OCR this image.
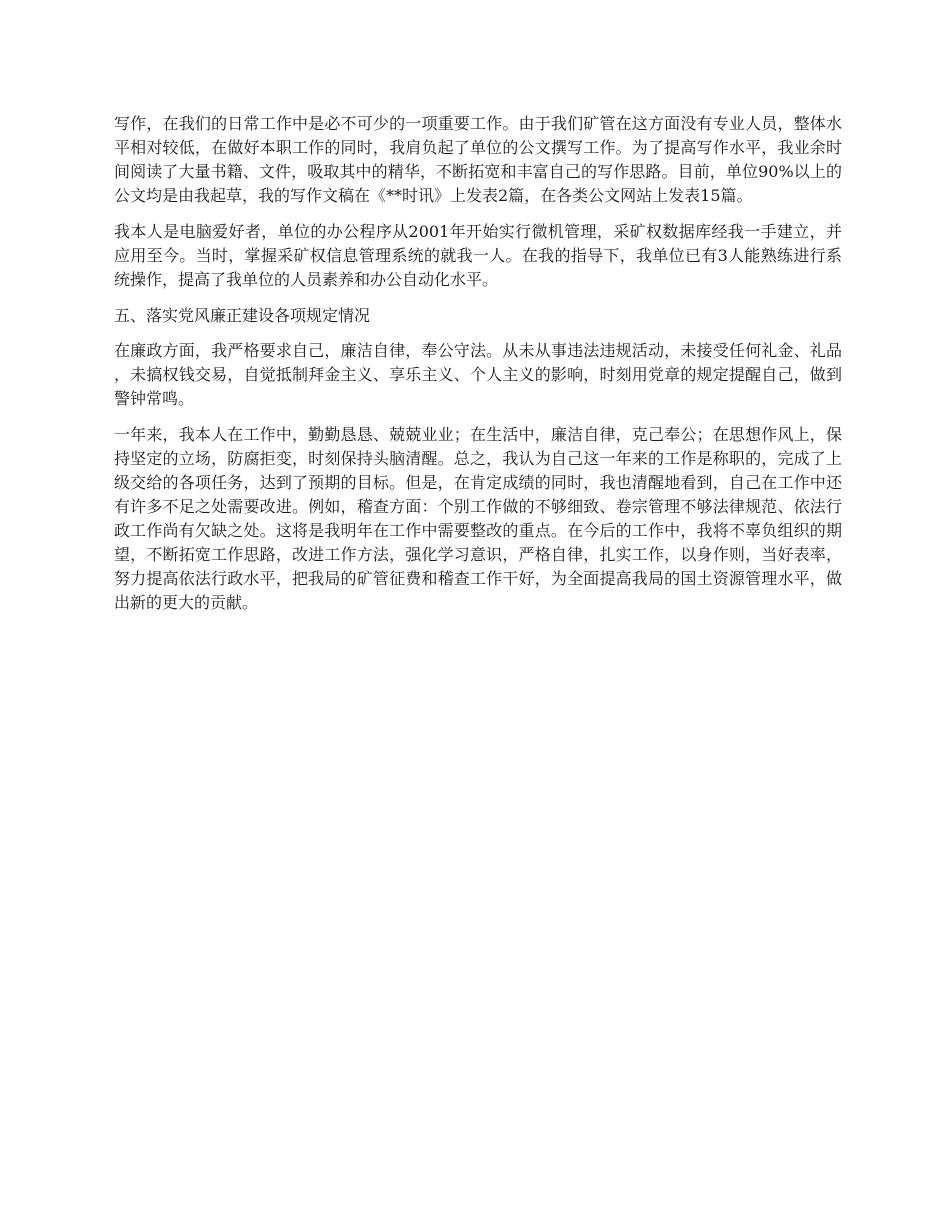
写作，在我们的日常工作中是必不可少的一项重要工作。由于我们矿管在这方面没有专业人员，整体水平相对较低，在做好本职工作的同时，我肩负起了单位的公文撰写工作。为了提高写作水平，我业余时间阅读了大量书籍、文件，吸取其中的精华，不断拓宽和丰富自己的写作思路。目前，单位90%以上的公文均是由我起草，我的写作文稿在《**时讯》上发表2篇，在各类公文网站上发表15篇。

我本人是电脑爱好者，单位的办公程序从2001年开始实行微机管理，采矿权数据库经我一手建立，并应用至今。当时，掌握采矿权信息管理系统的就我一人。在我的指导下，我单位已有3人能熟练进行系统操作，提高了我单位的人员素养和办公自动化水平。

五、落实党风廉正建设各项规定情况

在廉政方面，我严格要求自己，廉洁自律，奉公守法。从未从事违法违规活动，未接受任何礼金、礼品，未搞权钱交易，自觉抵制拜金主义、享乐主义、个人主义的影响，时刻用党章的规定提醒自己，做到警钟常鸣。

一年来，我本人在工作中，勤勤恳恳、兢兢业业；在生活中，廉洁自律，克己奉公；在思想作风上，保持坚定的立场，防腐拒变，时刻保持头脑清醒。总之，我认为自己这一年来的工作是称职的，完成了上级交给的各项任务，达到了预期的目标。但是，在肯定成绩的同时，我也清醒地看到，自己在工作中还有许多不足之处需要改进。例如，稽查方面：个别工作做的不够细致、卷宗管理不够法律规范、依法行政工作尚有欠缺之处。这将是我明年在工作中需要整改的重点。在今后的工作中，我将不辜负组织的期望，不断拓宽工作思路，改进工作方法，强化学习意识，严格自律，扎实工作，以身作则，当好表率，努力提高依法行政水平，把我局的矿管征费和稽查工作干好，为全面提高我局的国土资源管理水平，做出新的更大的贡献。
